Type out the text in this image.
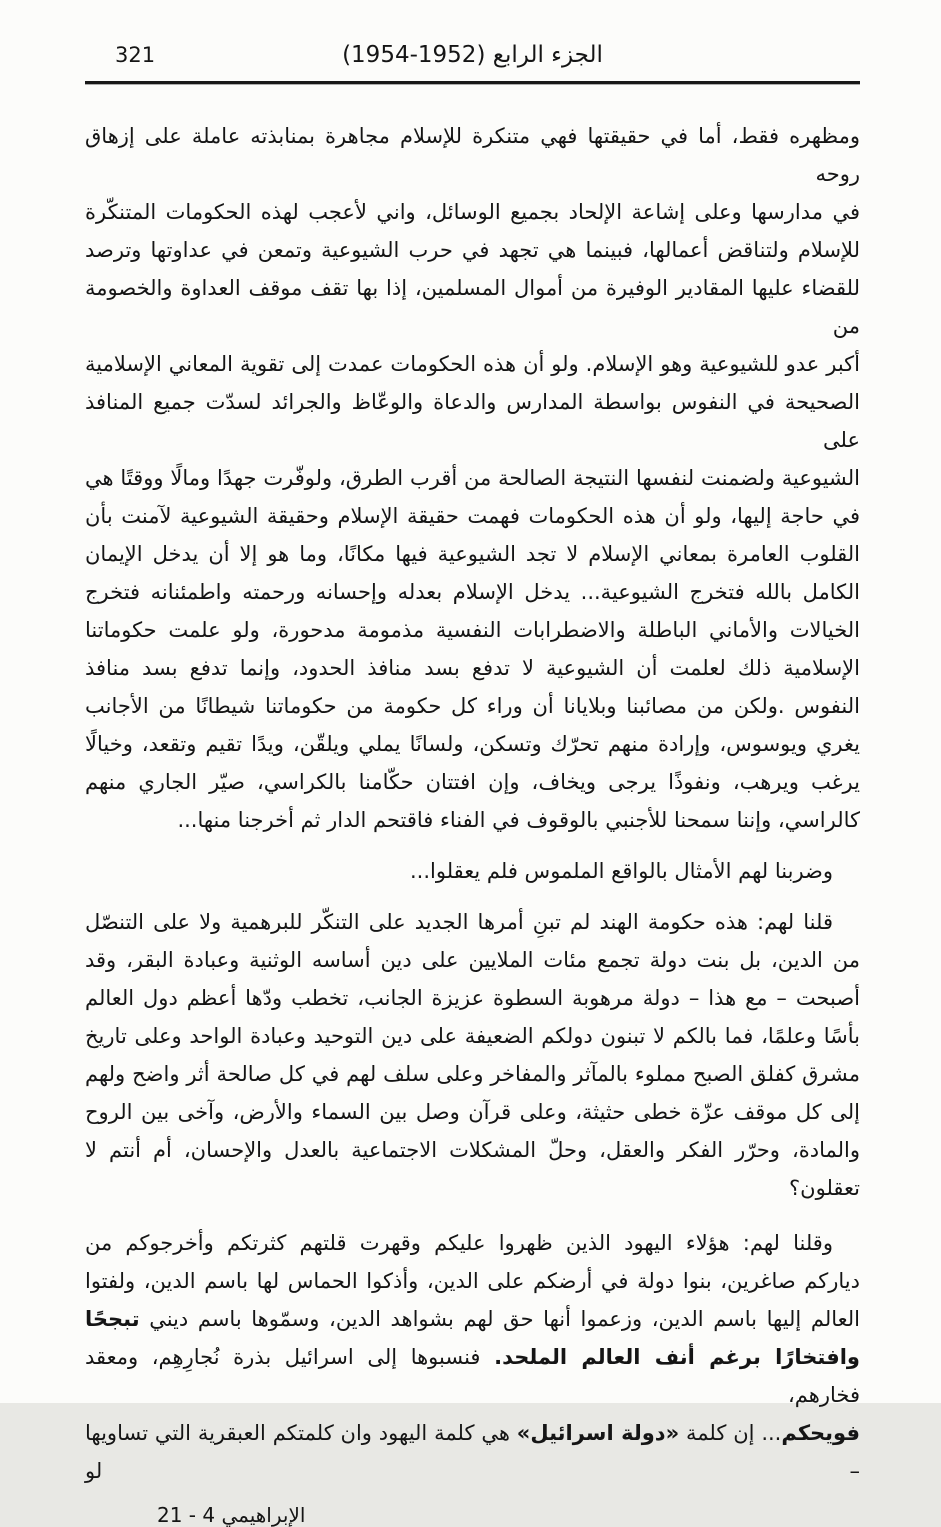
321	الجزء الرابع (1952-1954)
ومظهره فقط، أما في حقيقتها فهي متنكرة للإسلام مجاهرة بمنابذته عاملة على إزهاق روحه
في مدارسها وعلى إشاعة الإلحاد بجميع الوسائل، واني لأعجب لهذه الحكومات المتنكّرة
للإسلام ولتناقض أعمالها، فبينما هي تجهد في حرب الشيوعية وتمعن في عداوتها وترصد
للقضاء عليها المقادير الوفيرة من أموال المسلمين، إذا بها تقف موقف العداوة والخصومة من
أكبر عدو للشيوعية وهو الإسلام. ولو أن هذه الحكومات عمدت إلى تقوية المعاني الإسلامية
الصحيحة في النفوس بواسطة المدارس والدعاة والوعّاظ والجرائد لسدّت جميع المنافذ على
الشيوعية ولضمنت لنفسها النتيجة الصالحة من أقرب الطرق، ولوفّرت جهدًا ومالًا ووقتًا هي
في حاجة إليها، ولو أن هذه الحكومات فهمت حقيقة الإسلام وحقيقة الشيوعية لآمنت بأن
القلوب العامرة بمعاني الإسلام لا تجد الشيوعية فيها مكانًا، وما هو إلا أن يدخل الإيمان
الكامل بالله فتخرج الشيوعية... يدخل الإسلام بعدله وإحسانه ورحمته واطمئنانه فتخرج
الخيالات والأماني الباطلة والاضطرابات النفسية مذمومة مدحورة، ولو علمت حكوماتنا
الإسلامية ذلك لعلمت أن الشيوعية لا تدفع بسد منافذ الحدود، وإنما تدفع بسد منافذ
النفوس .ولكن من مصائبنا وبلايانا أن وراء كل حكومة من حكوماتنا شيطانًا من الأجانب
يغري ويوسوس، وإرادة منهم تحرّك وتسكن، ولسانًا يملي ويلقّن، ويدًا تقيم وتقعد، وخيالًا
يرغب ويرهب، ونفوذًا يرجى ويخاف، وإن افتتان حكّامنا بالكراسي، صيّر الجاري منهم
كالراسي، وإننا سمحنا للأجنبي بالوقوف في الفناء فاقتحم الدار ثم أخرجنا منها...
وضربنا لهم الأمثال بالواقع الملموس فلم يعقلوا...
قلنا لهم: هذه حكومة الهند لم تبنِ أمرها الجديد على التنكّر للبرهمية ولا على التنصّل
من الدين، بل بنت دولة تجمع مئات الملايين على دين أساسه الوثنية وعبادة البقر، وقد
أصبحت – مع هذا – دولة مرهوبة السطوة عزيزة الجانب، تخطب ودّها أعظم دول العالم
بأسًا وعلمًا، فما بالكم لا تبنون دولكم الضعيفة على دين التوحيد وعبادة الواحد وعلى تاريخ
مشرق كفلق الصبح مملوء بالمآثر والمفاخر وعلى سلف لهم في كل صالحة أثر واضح ولهم
إلى كل موقف عزّة خطى حثيثة، وعلى قرآن وصل بين السماء والأرض، وآخى بين الروح
والمادة، وحرّر الفكر والعقل، وحلّ المشكلات الاجتماعية بالعدل والإحسان، أم أنتم لا
تعقلون؟
وقلنا لهم: هؤلاء اليهود الذين ظهروا عليكم وقهرت قلتهم كثرتكم وأخرجوكم من
دياركم صاغرين، بنوا دولة في أرضكم على الدين، وأذكوا الحماس لها باسم الدين، ولفتوا
العالم إليها باسم الدين، وزعموا أنها حق لهم بشواهد الدين، وسمّوها باسم ديني تبجحًا
وافتخارًا برغم أنف العالم الملحد. فنسبوها إلى اسرائيل بذرة نُجارِهِم، ومعقد فخارهم،
فويحكم... إن كلمة «دولة اسرائيل» هي كلمة اليهود وان كلمتكم العبقرية التي تساويها – لو
21 - الإبراهيمي 4
